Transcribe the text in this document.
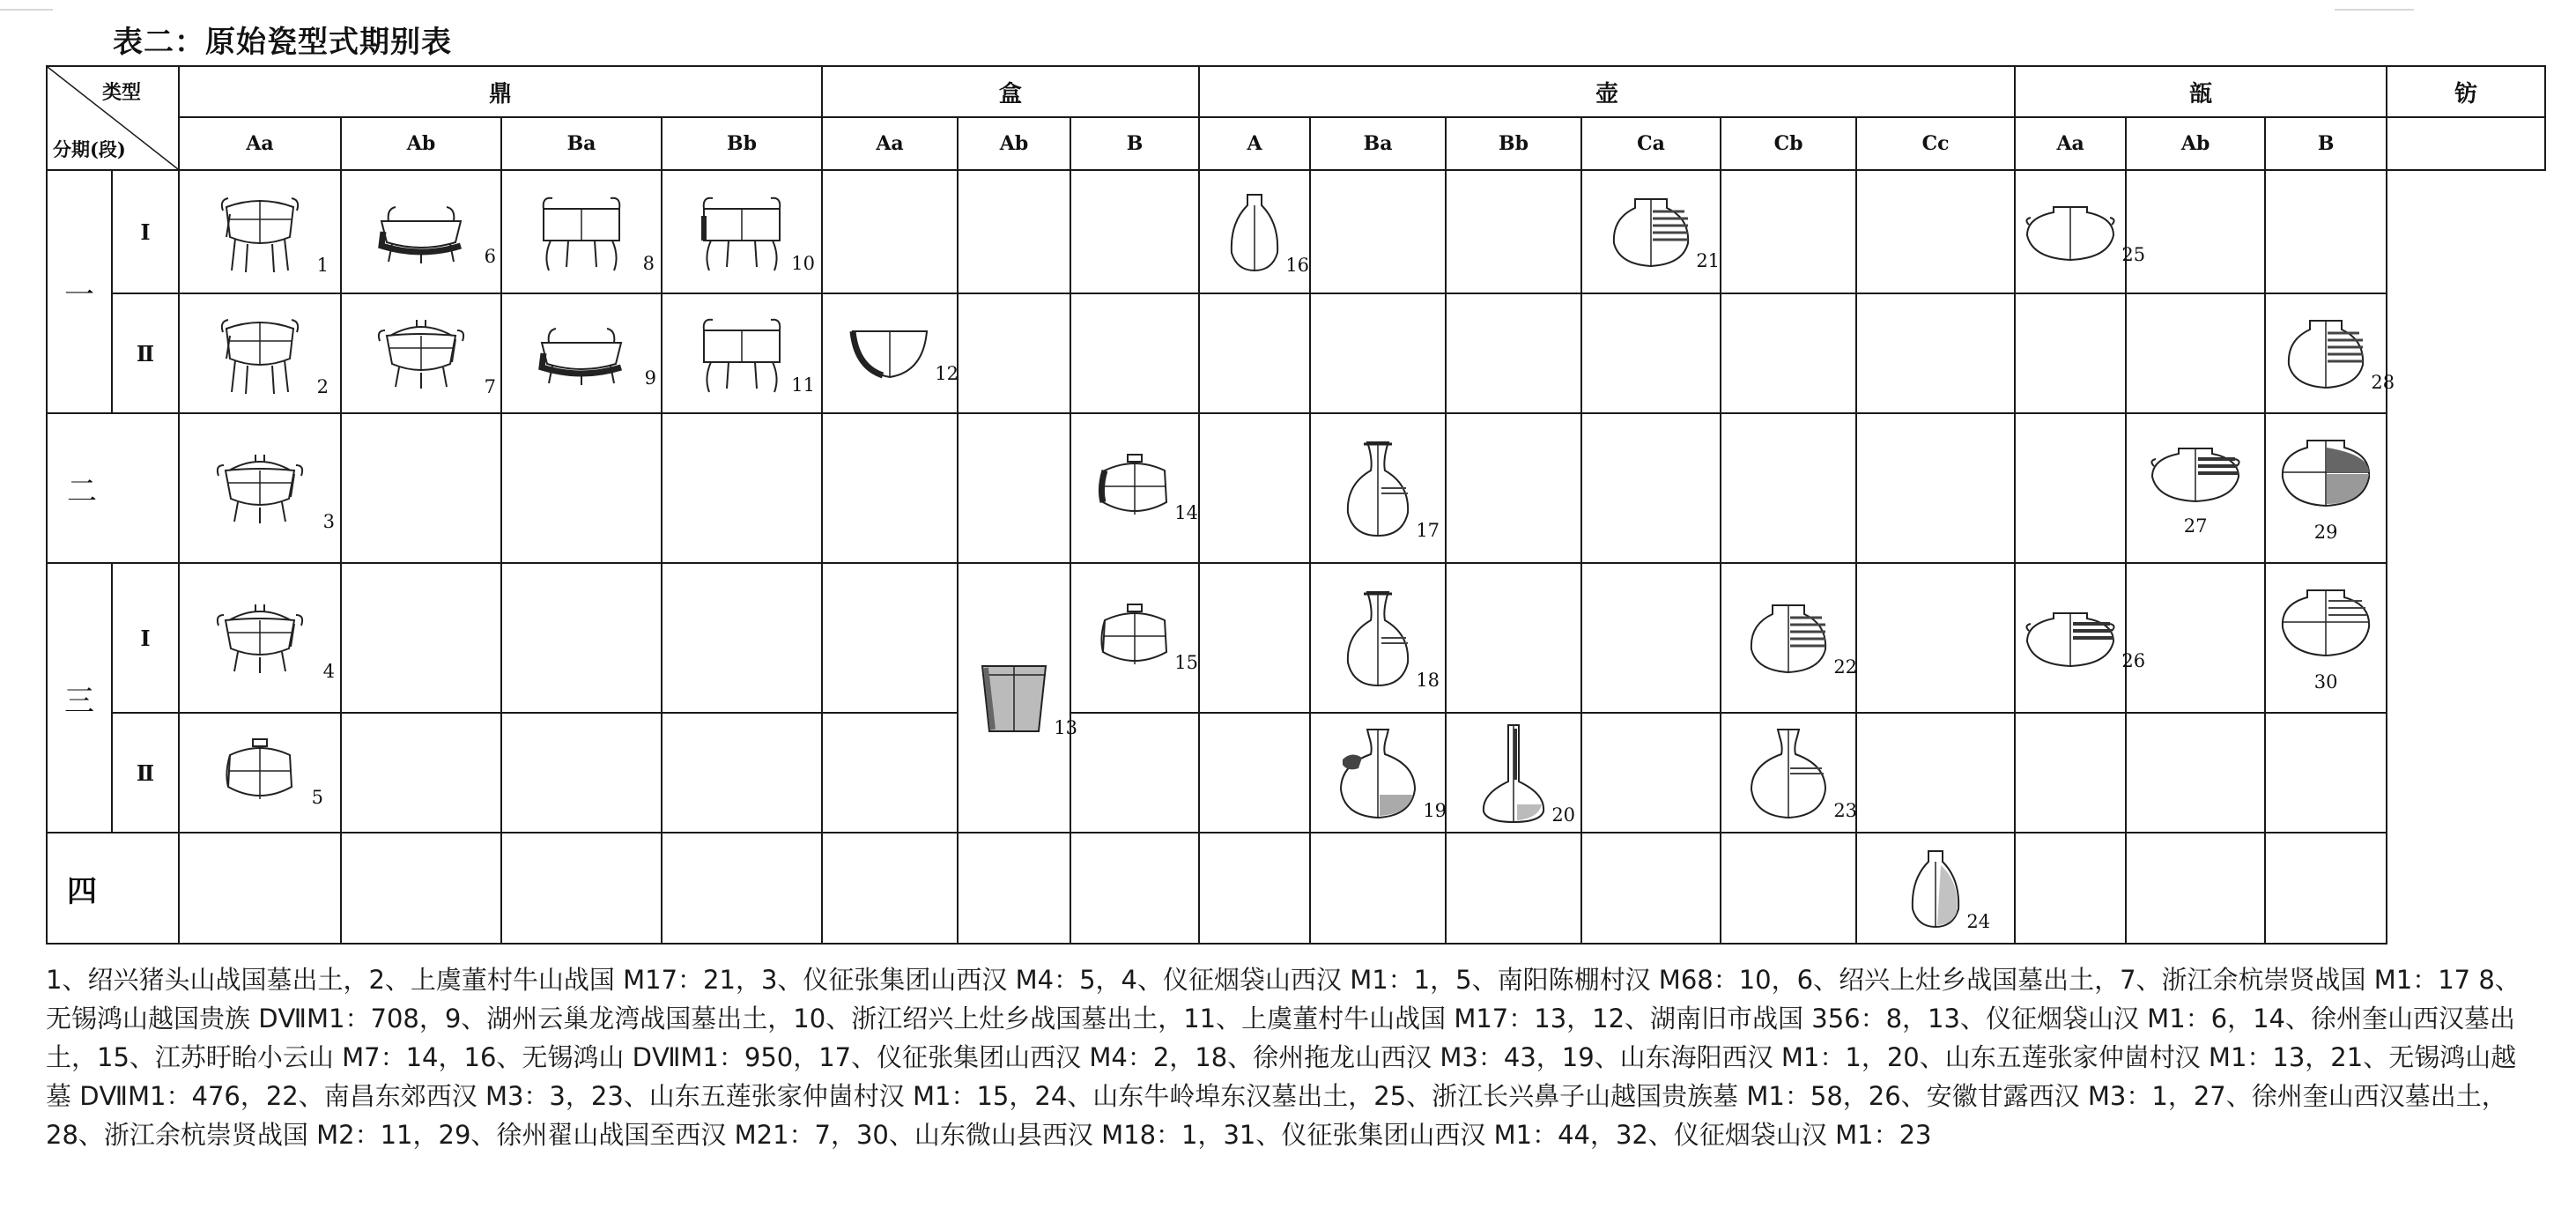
表二：原始瓷型式期别表
类型
分期(段)		鼎				盒			壶						瓿			钫
		Aa	Ab	Ba	Bb	Aa	Ab	B	A	Ba	Bb	Ca	Cb	Cc	Aa	Ab	B	
一	Ⅰ	1	6	8	10				16			21			25			

	Ⅱ	2	7	9	11	12											28	

二		3						14		17						27	29	

三	Ⅰ	4					13	15		18			22		26		30	

	Ⅱ	5								19	20		23					

四														24				

1、绍兴猪头山战国墓出土，2、上虞董村牛山战国 M17：21，3、仪征张集团山西汉 M4：5，4、仪征烟袋山西汉 M1：1，5、南阳陈棚村汉 M68：10，6、绍兴上灶乡战国墓出土，7、浙江余杭崇贤战国 M1：17 8、无锡鸿山越国贵族 DⅦM1：708，9、湖州云巢龙湾战国墓出土，10、浙江绍兴上灶乡战国墓出土，11、上虞董村牛山战国 M17：13，12、湖南旧市战国 356：8，13、仪征烟袋山汉 M1：6，14、徐州奎山西汉墓出土，15、江苏盱眙小云山 M7：14，16、无锡鸿山 DⅦM1：950，17、仪征张集团山西汉 M4：2，18、徐州拖龙山西汉 M3：43，19、山东海阳西汉 M1：1，20、山东五莲张家仲崮村汉 M1：13，21、无锡鸿山越墓 DⅦM1：476，22、南昌东郊西汉 M3：3，23、山东五莲张家仲崮村汉 M1：15，24、山东牛岭埠东汉墓出土，25、浙江长兴鼻子山越国贵族墓 M1：58，26、安徽甘露西汉 M3：1，27、徐州奎山西汉墓出土，28、浙江余杭崇贤战国 M2：11，29、徐州翟山战国至西汉 M21：7，30、山东微山县西汉 M18：1，31、仪征张集团山西汉 M1：44，32、仪征烟袋山汉 M1：23
